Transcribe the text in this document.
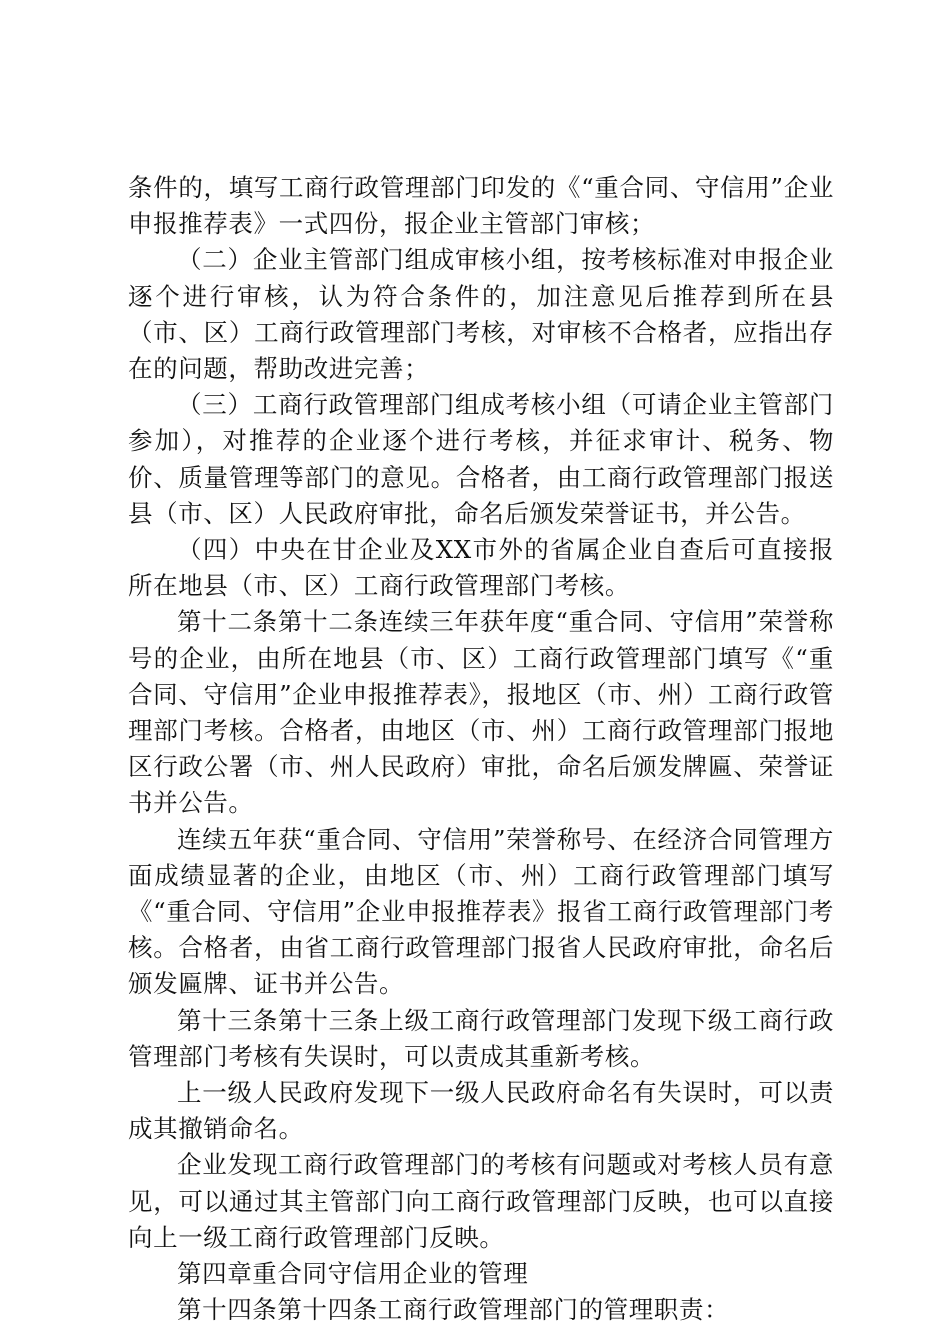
条件的，填写工商行政管理部门印发的《“重合同、守信用”企业申报推荐表》一式四份，报企业主管部门审核；

（二）企业主管部门组成审核小组，按考核标准对申报企业逐个进行审核，认为符合条件的，加注意见后推荐到所在县（市、区）工商行政管理部门考核，对审核不合格者，应指出存在的问题，帮助改进完善；

（三）工商行政管理部门组成考核小组（可请企业主管部门参加），对推荐的企业逐个进行考核，并征求审计、税务、物价、质量管理等部门的意见。合格者，由工商行政管理部门报送县（市、区）人民政府审批，命名后颁发荣誉证书，并公告。

（四）中央在甘企业及XX市外的省属企业自查后可直接报所在地县（市、区）工商行政管理部门考核。

第十二条第十二条连续三年获年度“重合同、守信用”荣誉称号的企业，由所在地县（市、区）工商行政管理部门填写《“重合同、守信用”企业申报推荐表》，报地区（市、州）工商行政管理部门考核。合格者，由地区（市、州）工商行政管理部门报地区行政公署（市、州人民政府）审批，命名后颁发牌匾、荣誉证书并公告。

连续五年获“重合同、守信用”荣誉称号、在经济合同管理方面成绩显著的企业，由地区（市、州）工商行政管理部门填写《“重合同、守信用”企业申报推荐表》报省工商行政管理部门考核。合格者，由省工商行政管理部门报省人民政府审批，命名后颁发匾牌、证书并公告。

第十三条第十三条上级工商行政管理部门发现下级工商行政管理部门考核有失误时，可以责成其重新考核。

上一级人民政府发现下一级人民政府命名有失误时，可以责成其撤销命名。

企业发现工商行政管理部门的考核有问题或对考核人员有意见，可以通过其主管部门向工商行政管理部门反映，也可以直接向上一级工商行政管理部门反映。

第四章重合同守信用企业的管理

第十四条第十四条工商行政管理部门的管理职责：
